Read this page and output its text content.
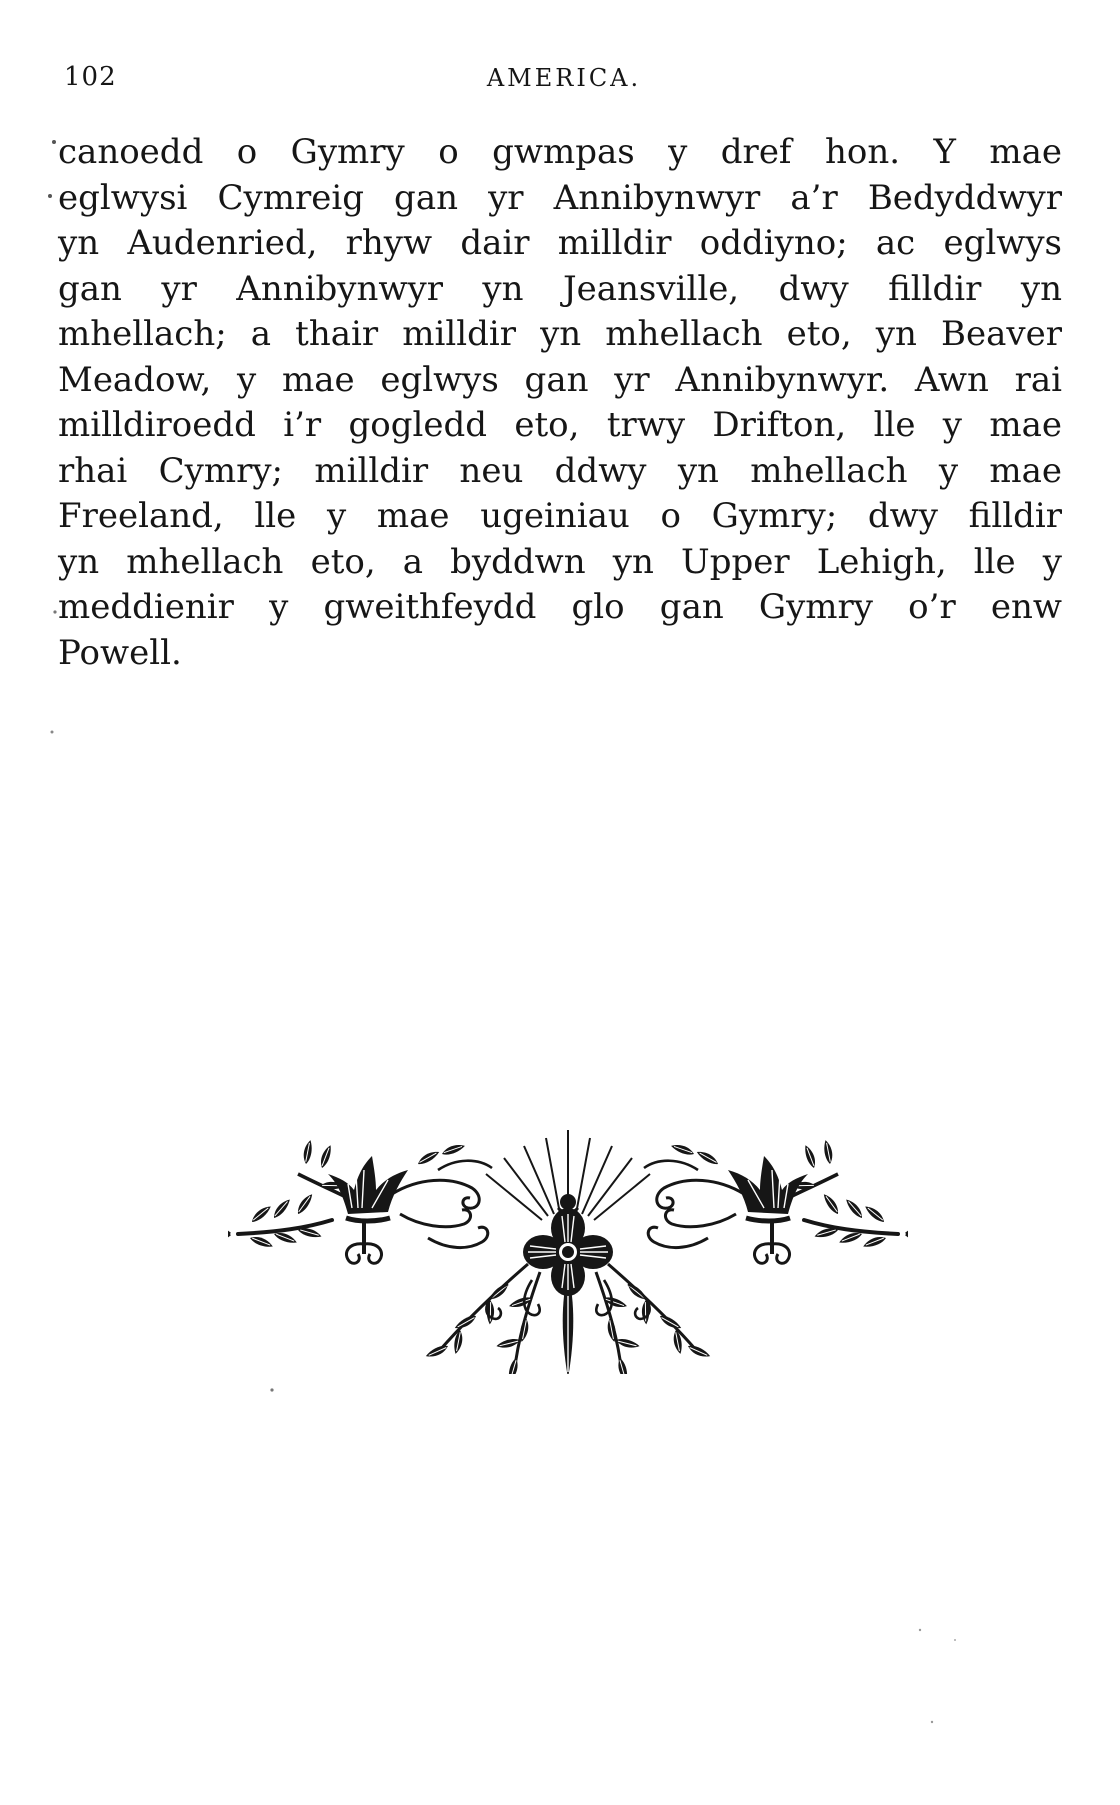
102	AMERICA.
canoedd o Gymry o gwmpas y dref hon. Y mae
eglwysi Cymreig gan yr Annibynwyr a’r Bedyddwyr
yn Audenried, rhyw dair milldir oddiyno; ac eglwys
gan yr Annibynwyr yn Jeansville, dwy filldir yn
mhellach; a thair milldir yn mhellach eto, yn Beaver
Meadow, y mae eglwys gan yr Annibynwyr. Awn rai
milldiroedd i’r gogledd eto, trwy Drifton, lle y mae
rhai Cymry; milldir neu ddwy yn mhellach y mae
Freeland, lle y mae ugeiniau o Gymry; dwy filldir
yn mhellach eto, a byddwn yn Upper Lehigh, lle y
meddienir y gweithfeydd glo gan Gymry o’r enw
Powell.
